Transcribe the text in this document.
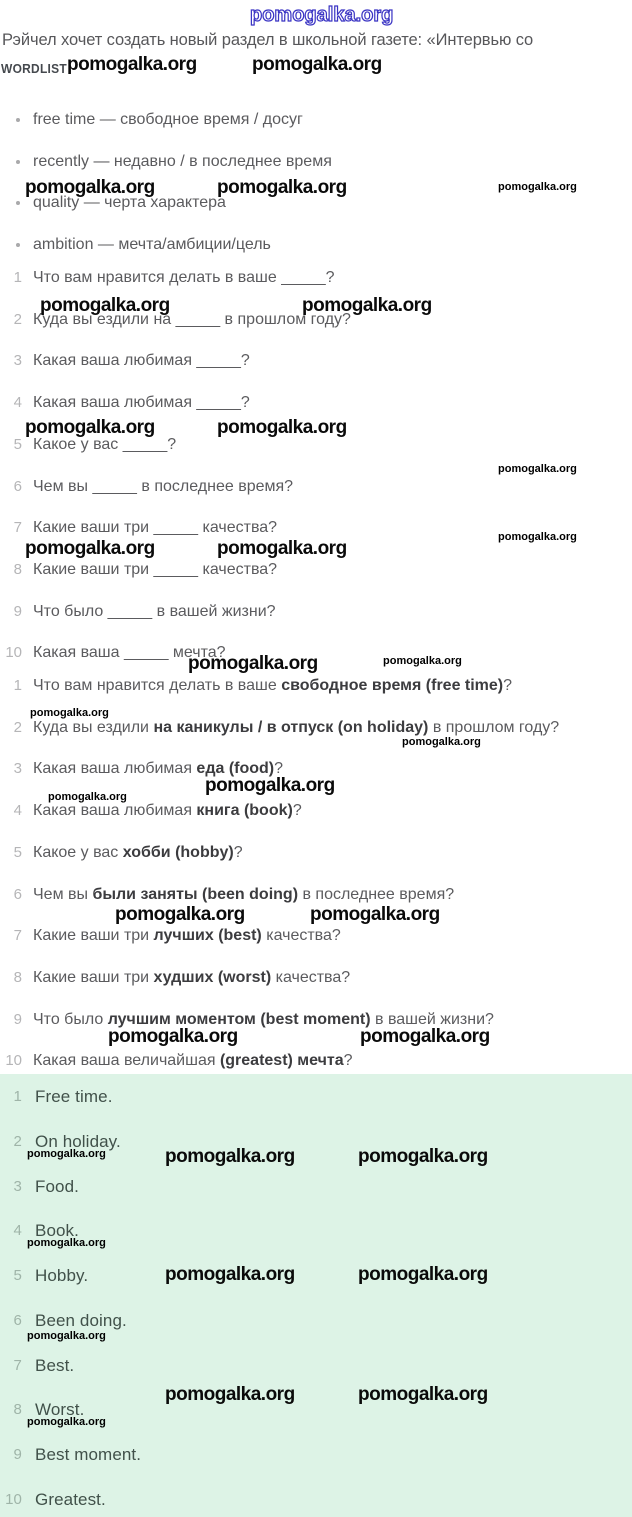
pomogalka.org
Рэйчел хочет создать новый раздел в школьной газете: «Интервью со
WORDLIST pomogalka.org	pomogalka.org
free time — свободное время / досуг
recently — недавно / в последнее время
quality — черта характера
ambition — мечта/амбиции/цель
pomogalka.org	pomogalka.org	pomogalka.org
1 Что вам нравится делать в ваше _____?
2 Куда вы ездили на _____ в прошлом году?
3 Какая ваша любимая _____?
4 Какая ваша любимая _____?
5 Какое у вас _____?
6 Чем вы _____ в последнее время?
7 Какие ваши три _____ качества?
8 Какие ваши три _____ качества?
9 Что было _____ в вашей жизни?
10 Какая ваша _____ мечта?
pomogalka.org	pomogalka.org
pomogalka.org	pomogalka.org
pomogalka.org
pomogalka.org
pomogalka.org	pomogalka.org
pomogalka.org	pomogalka.org
1 Что вам нравится делать в ваше свободное время (free time)?
2 Куда вы ездили на каникулы / в отпуск (on holiday) в прошлом году?
3 Какая ваша любимая еда (food)?
4 Какая ваша любимая книга (book)?
5 Какое у вас хобби (hobby)?
6 Чем вы были заняты (been doing) в последнее время?
7 Какие ваши три лучших (best) качества?
8 Какие ваши три худших (worst) качества?
9 Что было лучшим моментом (best moment) в вашей жизни?
10 Какая ваша величайшая (greatest) мечта?
pomogalka.org
pomogalka.org
pomogalka.org
pomogalka.org
pomogalka.org	pomogalka.org
pomogalka.org	pomogalka.org
1 Free time.
2 On holiday.
3 Food.
4 Book.
5 Hobby.
6 Been doing.
7 Best.
8 Worst.
9 Best moment.
10 Greatest.
pomogalka.org	pomogalka.org	pomogalka.org
pomogalka.org
pomogalka.org	pomogalka.org
pomogalka.org
pomogalka.org	pomogalka.org
pomogalka.org
